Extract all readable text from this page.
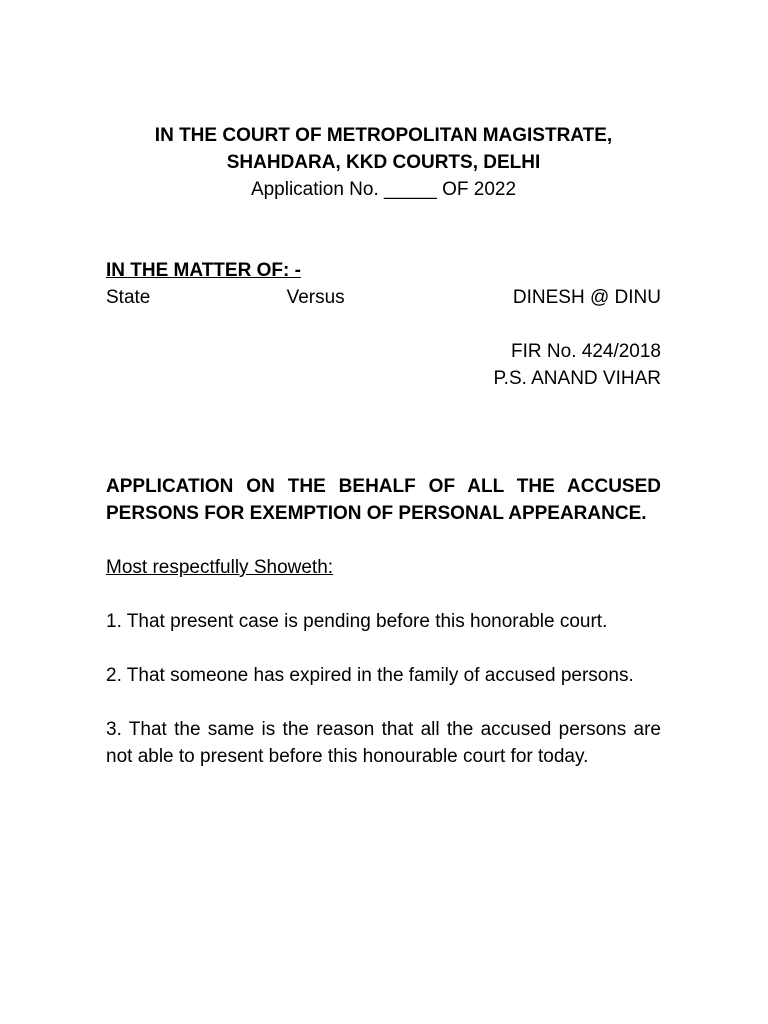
IN THE COURT OF METROPOLITAN MAGISTRATE,

SHAHDARA, KKD COURTS, DELHI

Application No. _____ OF 2022

IN THE MATTER OF: -

State	Versus	DINESH @ DINU
FIR No. 424/2018
P.S. ANAND VIHAR

APPLICATION ON THE BEHALF OF ALL THE ACCUSED PERSONS FOR EXEMPTION OF PERSONAL APPEARANCE.

Most respectfully Showeth:

1. That present case is pending before this honorable court.

2. That someone has expired in the family of accused persons.

3. That the same is the reason that all the accused persons are not able to present before this honourable court for today.
